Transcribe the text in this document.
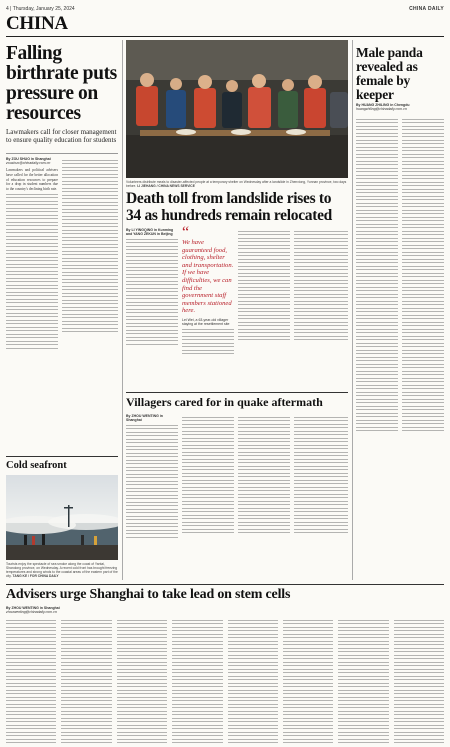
4 | Thursday, January 25, 2024	CHINA DAILY
CHINA
Falling birthrate puts pressure on resources
Lawmakers call for closer management to ensure quality education for students
By ZOU SHUO in Shanghai
zoushuo@chinadaily.com.cn
Lawmakers and political advisers have called for the better allocation of education resources to prepare for a drop in student numbers due to the country's declining birth rate.
Cold seafront
Tourists enjoy the spectacle of sea smoke along the coast of Yantai, Shandong province, on Wednesday. A recent cold front has brought freezing temperatures and strong winds to the coastal areas of the eastern part of the city. TANG KE / FOR CHINA DAILY
Volunteers distribute meals to disaster-affected people at a temporary shelter on Wednesday after a landslide in Zhenxiong, Yunnan province, two days before. LI JIEHANG / CHINA NEWS SERVICE
Death toll from landslide rises to 34 as hundreds remain relocated
By LI YINGQING in Kunming and YANG ZEKUN in Beijing “
We have guaranteed food, clothing, shelter and transportation. If we have difficulties, we can find the government staff members stationed here.
Lei Wei, a 63-year-old villager staying at the resettlement site
Villagers cared for in quake aftermath
By ZHOU WENTING in Shanghai
Male panda revealed as female by keeper
By HUANG ZHILING in Chengdu
huangzhiling@chinadaily.com.cn
Advisers urge Shanghai to take lead on stem cells
By ZHOU WENTING in Shanghai
zhouwenting@chinadaily.com.cn
